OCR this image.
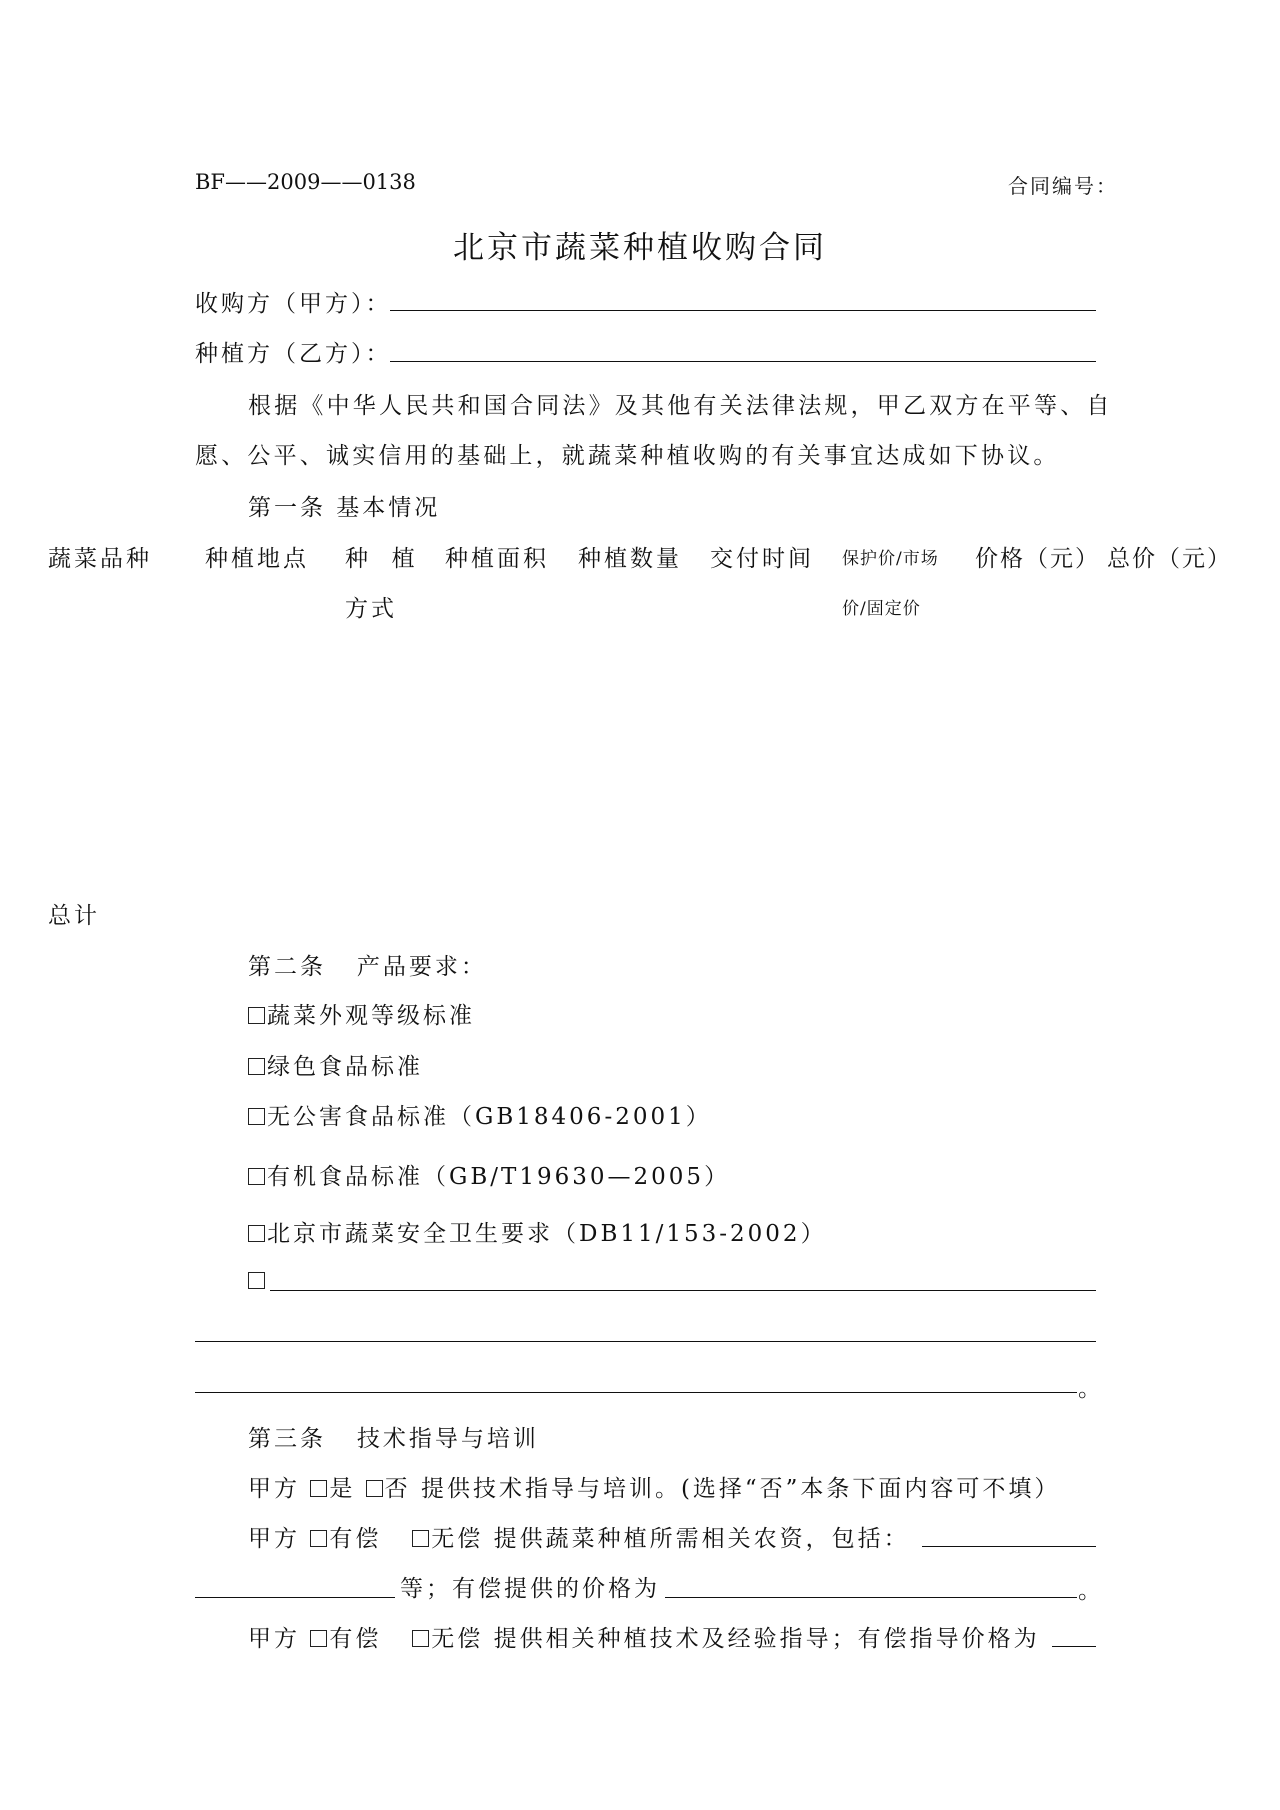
BF——2009——0138	合同编号：
北京市蔬菜种植收购合同
收购方（甲方）：
种植方（乙方）：
根据《中华人民共和国合同法》及其他有关法律法规，甲乙双方在平等、自
愿、公平、诚实信用的基础上，就蔬菜种植收购的有关事宜达成如下协议。
第一条 基本情况
蔬菜品种 种植地点 种  植
方式
种植面积 种植数量 交付时间 保护价/市场
价/固定价
价格（元） 总价（元）
总计
第二条   产品要求：
蔬菜外观等级标准
绿色食品标准
无公害食品标准（GB18406-2001）
有机食品标准（GB/T19630—2005）
北京市蔬菜安全卫生要求（DB11/153-2002）
。
第三条   技术指导与培训
甲方 是 否 提供技术指导与培训。(选择“否”本条下面内容可不填）
甲方 有偿 无偿 提供蔬菜种植所需相关农资，包括：
等；有偿提供的价格为	。
甲方 有偿 无偿 提供相关种植技术及经验指导；有偿指导价格为
